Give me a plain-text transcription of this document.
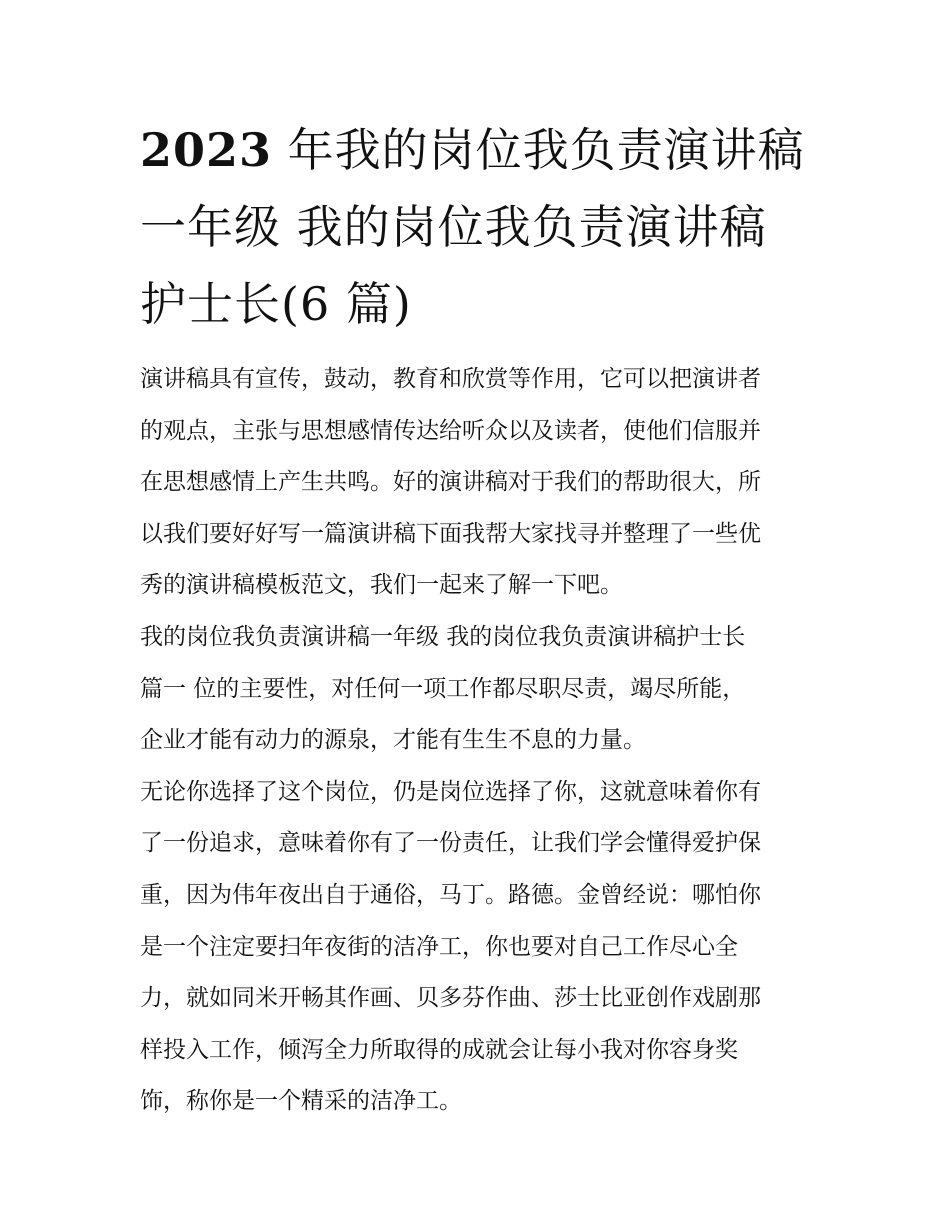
2023 年我的岗位我负责演讲稿
一年级 我的岗位我负责演讲稿
护士长(6 篇)
演讲稿具有宣传，鼓动，教育和欣赏等作用，它可以把演讲者
的观点，主张与思想感情传达给听众以及读者，使他们信服并
在思想感情上产生共鸣。好的演讲稿对于我们的帮助很大，所
以我们要好好写一篇演讲稿下面我帮大家找寻并整理了一些优
秀的演讲稿模板范文，我们一起来了解一下吧。
我的岗位我负责演讲稿一年级 我的岗位我负责演讲稿护士长
篇一 位的主要性，对任何一项工作都尽职尽责，竭尽所能，
企业才能有动力的源泉，才能有生生不息的力量。
无论你选择了这个岗位，仍是岗位选择了你，这就意味着你有
了一份追求，意味着你有了一份责任，让我们学会懂得爱护保
重，因为伟年夜出自于通俗，马丁。路德。金曾经说：哪怕你
是一个注定要扫年夜街的洁净工，你也要对自己工作尽心全
力，就如同米开畅其作画、贝多芬作曲、莎士比亚创作戏剧那
样投入工作，倾泻全力所取得的成就会让每小我对你容身奖
饰，称你是一个精采的洁净工。
